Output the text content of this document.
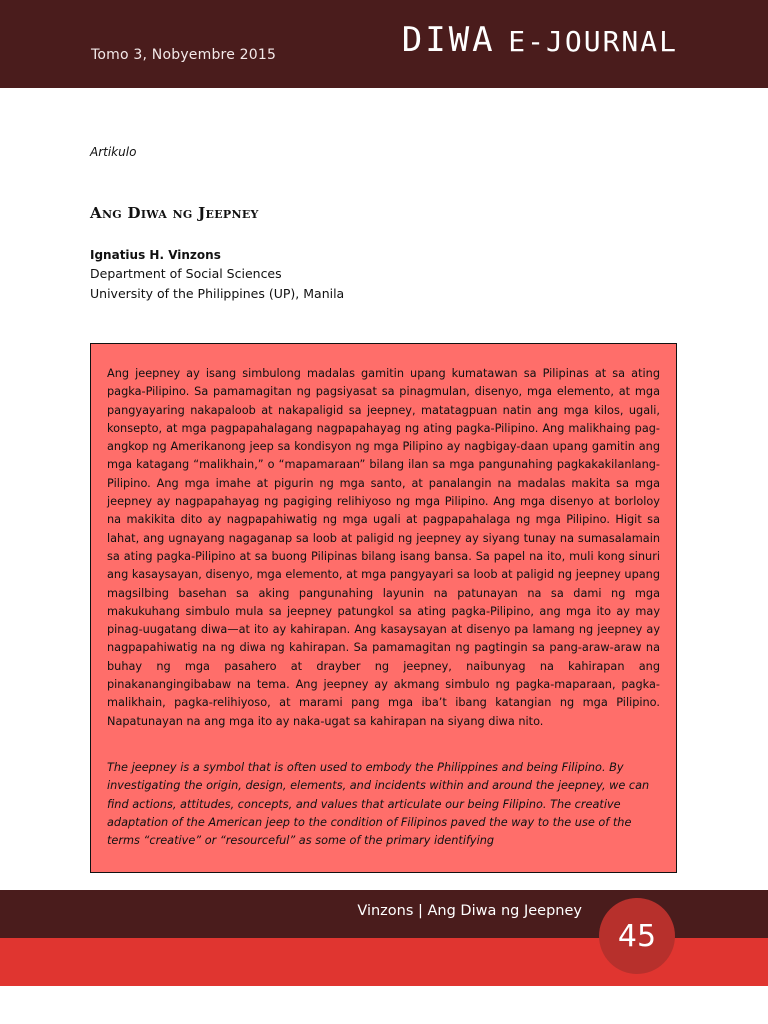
Tomo 3, Nobyembre 2015	DIWA E-JOURNAL
Artikulo
Ang Diwa ng Jeepney
Ignatius H. Vinzons
Department of Social Sciences
University of the Philippines (UP), Manila

Ang jeepney ay isang simbulong madalas gamitin upang kumatawan sa Pilipinas at sa ating pagka-Pilipino. Sa pamamagitan ng pagsiyasat sa pinagmulan, disenyo, mga elemento, at mga pangyayaring nakapaloob at nakapaligid sa jeepney, matatagpuan natin ang mga kilos, ugali, konsepto, at mga pagpapahalagang nagpapahayag ng ating pagka-Pilipino. Ang malikhaing pag-angkop ng Amerikanong jeep sa kondisyon ng mga Pilipino ay nagbigay-daan upang gamitin ang mga katagang “malikhain,” o “mapamaraan” bilang ilan sa mga pangunahing pagkakakilanlang-Pilipino. Ang mga imahe at pigurin ng mga santo, at panalangin na madalas makita sa mga jeepney ay nagpapahayag ng pagiging relihiyoso ng mga Pilipino. Ang mga disenyo at borloloy na makikita dito ay nagpapahiwatig ng mga ugali at pagpapahalaga ng mga Pilipino. Higit sa lahat, ang ugnayang nagaganap sa loob at paligid ng jeepney ay siyang tunay na sumasalamain sa ating pagka-Pilipino at sa buong Pilipinas bilang isang bansa. Sa papel na ito, muli kong sinuri ang kasaysayan, disenyo, mga elemento, at mga pangyayari sa loob at paligid ng jeepney upang magsilbing basehan sa aking pangunahing layunin na patunayan na sa dami ng mga makukuhang simbulo mula sa jeepney patungkol sa ating pagka-Pilipino, ang mga ito ay may pinag-uugatang diwa—at ito ay kahirapan. Ang kasaysayan at disenyo pa lamang ng jeepney ay nagpapahiwatig na ng diwa ng kahirapan. Sa pamamagitan ng pagtingin sa pang-araw-araw na buhay ng mga pasahero at drayber ng jeepney, naibunyag na kahirapan ang pinakanangingibabaw na tema. Ang jeepney ay akmang simbulo ng pagka-maparaan, pagka-malikhain, pagka-relihiyoso, at marami pang mga iba’t ibang katangian ng mga Pilipino. Napatunayan na ang mga ito ay naka-ugat sa kahirapan na siyang diwa nito.

The jeepney is a symbol that is often used to embody the Philippines and being Filipino. By investigating the origin, design, elements, and incidents within and around the jeepney, we can find actions, attitudes, concepts, and values that articulate our being Filipino. The creative adaptation of the American jeep to the condition of Filipinos paved the way to the use of the terms “creative” or “resourceful” as some of the primary identifying

Vinzons | Ang Diwa ng Jeepney
45
